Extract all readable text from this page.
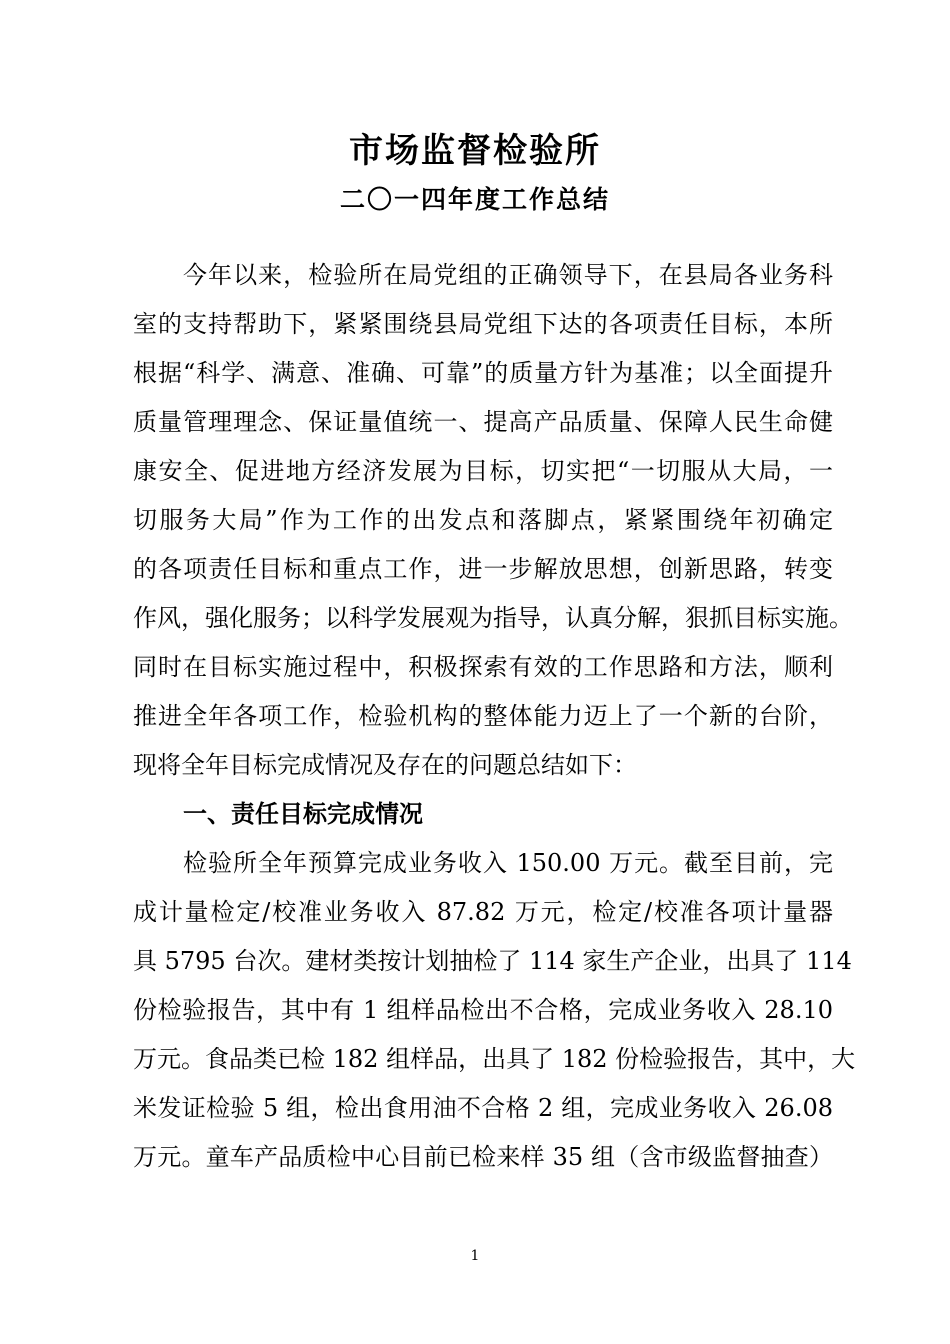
市场监督检验所
二〇一四年度工作总结
今年以来，检验所在局党组的正确领导下，在县局各业务科
室的支持帮助下，紧紧围绕县局党组下达的各项责任目标，本所
根据“科学、满意、准确、可靠”的质量方针为基准；以全面提升
质量管理理念、保证量值统一、提高产品质量、保障人民生命健
康安全、促进地方经济发展为目标，切实把“一切服从大局，一
切服务大局”作为工作的出发点和落脚点，紧紧围绕年初确定
的各项责任目标和重点工作，进一步解放思想，创新思路，转变
作风，强化服务；以科学发展观为指导，认真分解，狠抓目标实施。
同时在目标实施过程中，积极探索有效的工作思路和方法，顺利
推进全年各项工作，检验机构的整体能力迈上了一个新的台阶，
现将全年目标完成情况及存在的问题总结如下：
一、责任目标完成情况
检验所全年预算完成业务收入 150.00 万元。截至目前，完
成计量检定/校准业务收入 87.82 万元，检定/校准各项计量器
具 5795 台次。建材类按计划抽检了 114 家生产企业，出具了 114
份检验报告，其中有 1 组样品检出不合格，完成业务收入 28.10
万元。食品类已检 182 组样品，出具了 182 份检验报告，其中，大
米发证检验 5 组，检出食用油不合格 2 组，完成业务收入 26.08
万元。童车产品质检中心目前已检来样 35 组（含市级监督抽查）
1
